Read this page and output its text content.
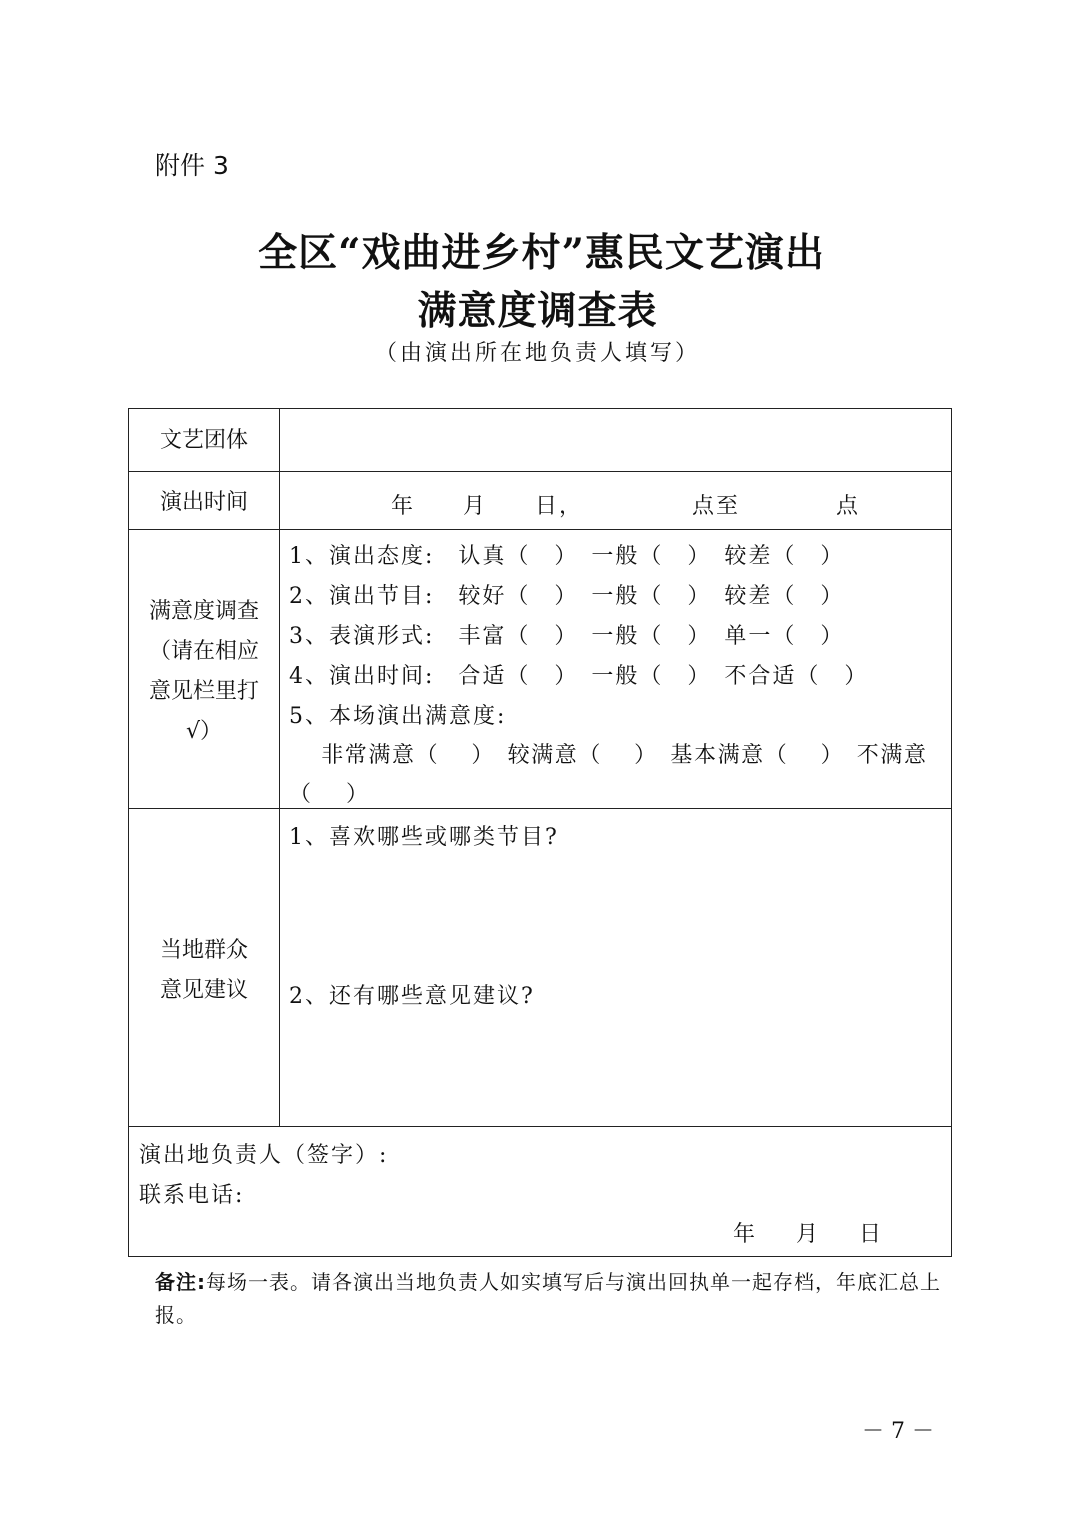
附件 3
全区“戏曲进乡村”惠民文艺演出
满意度调查表
（由演出所在地负责人填写）
文艺团体
演出时间	年　　月　　日，　　　　　点至　　　　点
满意度调查
（请在相应
意见栏里打
√）
1、演出态度:　认真（　）　一般（　）　较差（　）
2、演出节目:　较好（　）　一般（　）　较差（　）
3、表演形式:　丰富（　）　一般（　）　单一（　）
4、演出时间:　合适（　）　一般（　）　不合适（　）
5、本场演出满意度:
　 非常满意（　 ）　较满意（　 ）　基本满意（　 ）　不满意
（　 ）
当地群众
意见建议
1、喜欢哪些或哪类节目?
2、还有哪些意见建议?
演出地负责人（签字）:
联系电话:
年　 月　 日
备注:每场一表。请各演出当地负责人如实填写后与演出回执单一起存档，年底汇总上报。
－ 7 －
